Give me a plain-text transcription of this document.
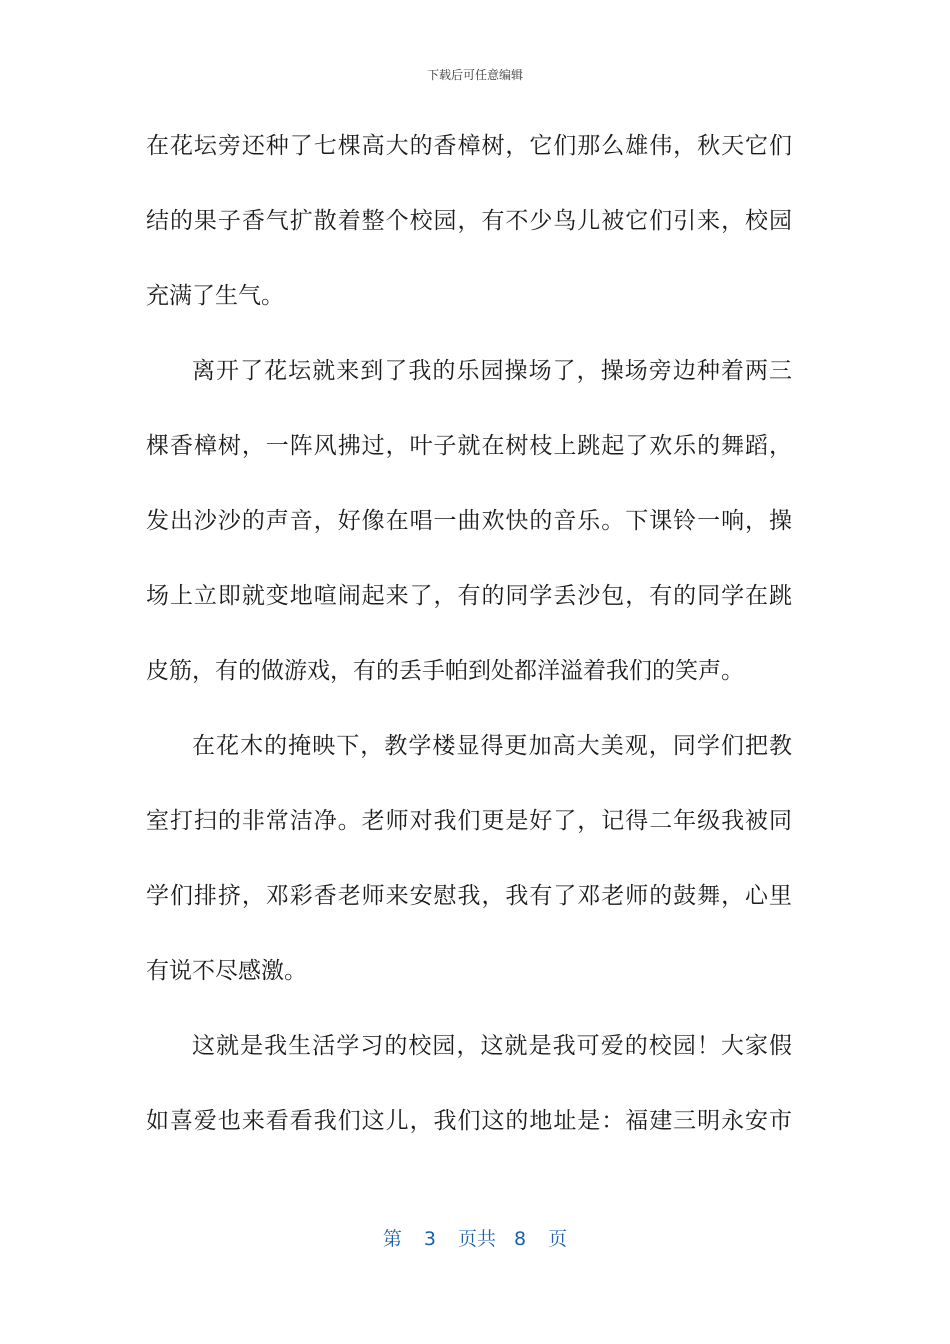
下载后可任意编辑
在花坛旁还种了七棵高大的香樟树，它们那么雄伟，秋天它们
结的果子香气扩散着整个校园，有不少鸟儿被它们引来，校园
充满了生气。
离开了花坛就来到了我的乐园操场了，操场旁边种着两三
棵香樟树，一阵风拂过，叶子就在树枝上跳起了欢乐的舞蹈，
发出沙沙的声音，好像在唱一曲欢快的音乐。下课铃一响，操
场上立即就变地喧闹起来了，有的同学丢沙包，有的同学在跳
皮筋，有的做游戏，有的丢手帕到处都洋溢着我们的笑声。
在花木的掩映下，教学楼显得更加高大美观，同学们把教
室打扫的非常洁净。老师对我们更是好了，记得二年级我被同
学们排挤，邓彩香老师来安慰我，我有了邓老师的鼓舞，心里
有说不尽感激。
这就是我生活学习的校园，这就是我可爱的校园！大家假
如喜爱也来看看我们这儿，我们这的地址是：福建三明永安市
第 3 页共 8 页
